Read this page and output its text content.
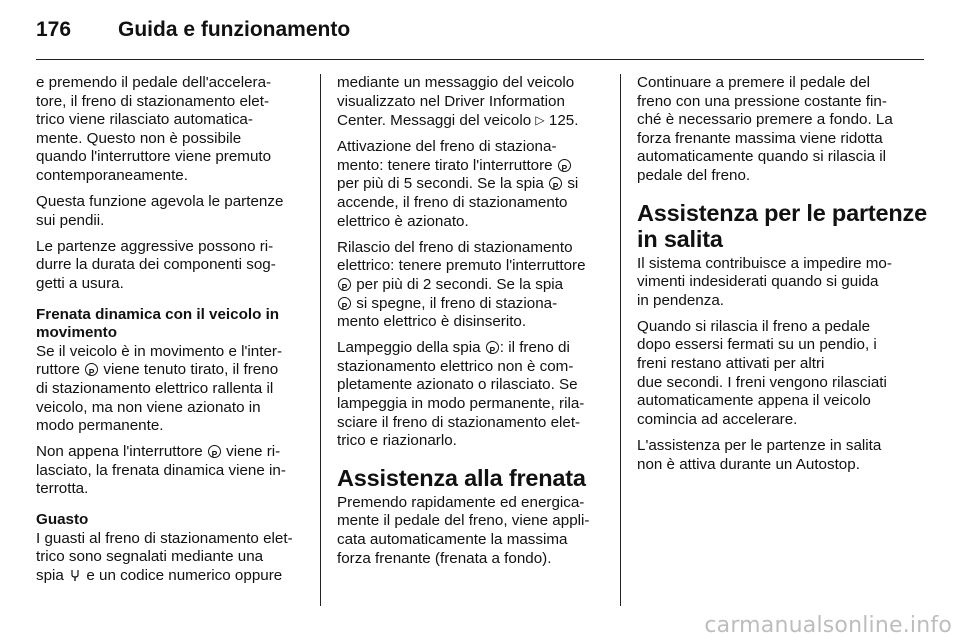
176	Guida e funzionamento

e premendo il pedale dell'accelera-
tore, il freno di stazionamento elet-
trico viene rilasciato automatica-
mente. Questo non è possibile
quando l'interruttore viene premuto
contemporaneamente.

Questa funzione agevola le partenze
sui pendii.

Le partenze aggressive possono ri-
durre la durata dei componenti sog-
getti a usura.

Frenata dinamica con il veicolo in
movimento

Se il veicolo è in movimento e l'inter-
ruttore P viene tenuto tirato, il freno
di stazionamento elettrico rallenta il
veicolo, ma non viene azionato in
modo permanente.

Non appena l'interruttore P viene ri-
lasciato, la frenata dinamica viene in-
terrotta.

Guasto

I guasti al freno di stazionamento elet-
trico sono segnalati mediante una
spia e un codice numerico oppure

mediante un messaggio del veicolo
visualizzato nel Driver Information
Center. Messaggi del veicolo ▷ 125.

Attivazione del freno di staziona-
mento: tenere tirato l'interruttore P
per più di 5 secondi. Se la spia P si
accende, il freno di stazionamento
elettrico è azionato.

Rilascio del freno di stazionamento
elettrico: tenere premuto l'interruttore
P per più di 2 secondi. Se la spia
P si spegne, il freno di staziona-
mento elettrico è disinserito.

Lampeggio della spia P : il freno di
stazionamento elettrico non è com-
pletamente azionato o rilasciato. Se
lampeggia in modo permanente, rila-
sciare il freno di stazionamento elet-
trico e riazionarlo.

Assistenza alla frenata

Premendo rapidamente ed energica-
mente il pedale del freno, viene appli-
cata automaticamente la massima
forza frenante (frenata a fondo).

Continuare a premere il pedale del
freno con una pressione costante fin-
ché è necessario premere a fondo. La
forza frenante massima viene ridotta
automaticamente quando si rilascia il
pedale del freno.

Assistenza per le partenze
in salita

Il sistema contribuisce a impedire mo-
vimenti indesiderati quando si guida
in pendenza.

Quando si rilascia il freno a pedale
dopo essersi fermati su un pendio, i
freni restano attivati per altri
due secondi. I freni vengono rilasciati
automaticamente appena il veicolo
comincia ad accelerare.

L'assistenza per le partenze in salita
non è attiva durante un Autostop.

carmanualsonline.info
